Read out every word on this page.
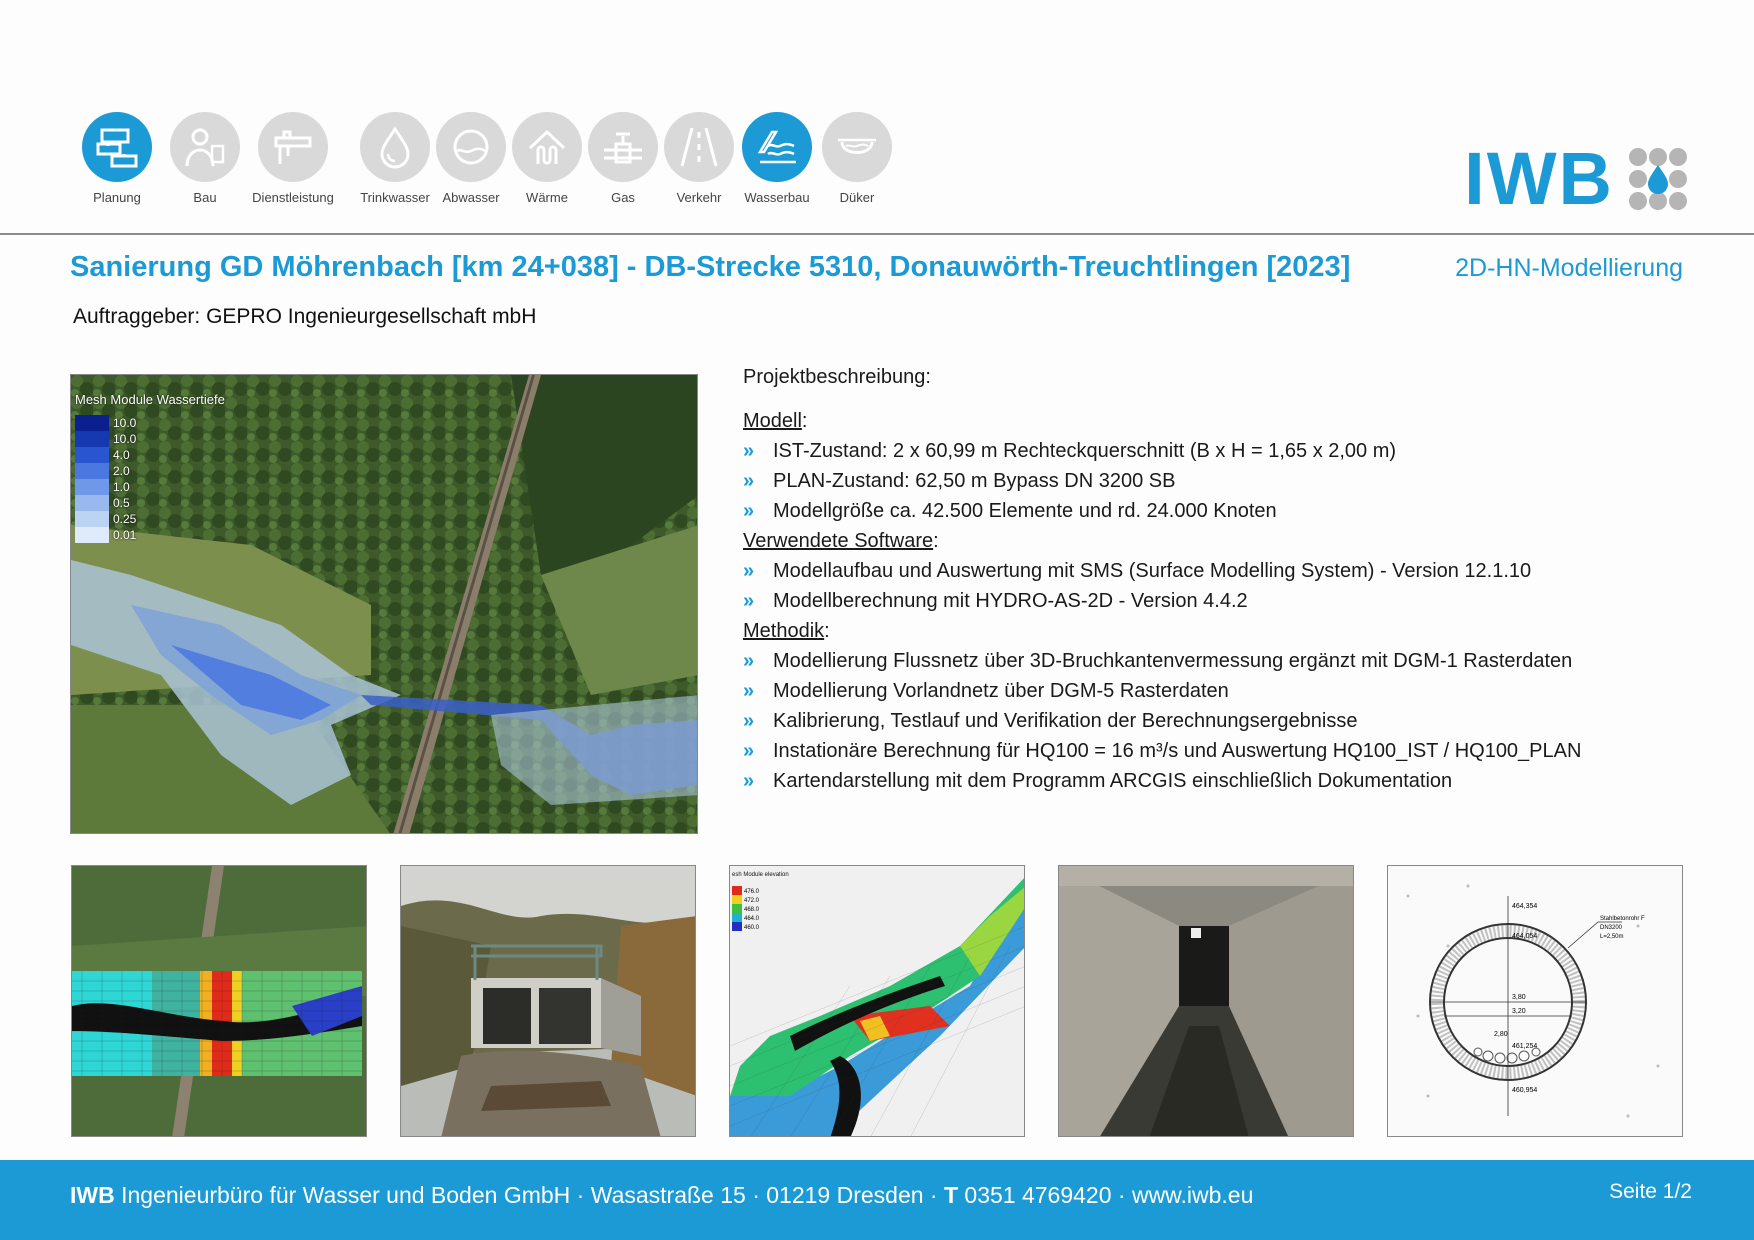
Planung	Bau	Dienstleistung	Trinkwasser Abwasser	Wärme	Gas	Verkehr	Wasserbau	Düker	IWB
Sanierung GD Möhrenbach [km 24+038] - DB-Strecke 5310, Donauwörth-Treuchtlingen [2023]	2D-HN-Modellierung
Auftraggeber: GEPRO Ingenieurgesellschaft mbH
Mesh Module Wassertiefe
10.0
10.0
4.0
2.0
1.0
0.5
0.25
0.01
Projektbeschreibung:
Modell:
» IST-Zustand: 2 x 60,99 m Rechteckquerschnitt (B x H = 1,65 x 2,00 m)
» PLAN-Zustand: 62,50 m Bypass DN 3200 SB
» Modellgröße ca. 42.500 Elemente und rd. 24.000 Knoten
Verwendete Software:
» Modellaufbau und Auswertung mit SMS (Surface Modelling System) - Version 12.1.10
» Modellberechnung mit HYDRO-AS-2D - Version 4.4.2
Methodik:
» Modellierung Flussnetz über 3D-Bruchkantenvermessung ergänzt mit DGM-1 Rasterdaten
» Modellierung Vorlandnetz über DGM-5 Rasterdaten
» Kalibrierung, Testlauf und Verifikation der Berechnungsergebnisse
» Instationäre Berechnung für HQ100 = 16 m³/s und Auswertung HQ100_IST / HQ100_PLAN
» Kartendarstellung mit dem Programm ARCGIS einschließlich Dokumentation
esh Module elevation
476.0
472.0
468.0
464.0
460.0
464,354
464,054
3,80
3,20
2,80
461,254
460,954
Stahlbetonrohr F
DN3200
L=2,50m
IWB Ingenieurbüro für Wasser und Boden GmbH · Wasastraße 15 · 01219 Dresden · T 0351 4769420 · www.iwb.eu	Seite 1/2
